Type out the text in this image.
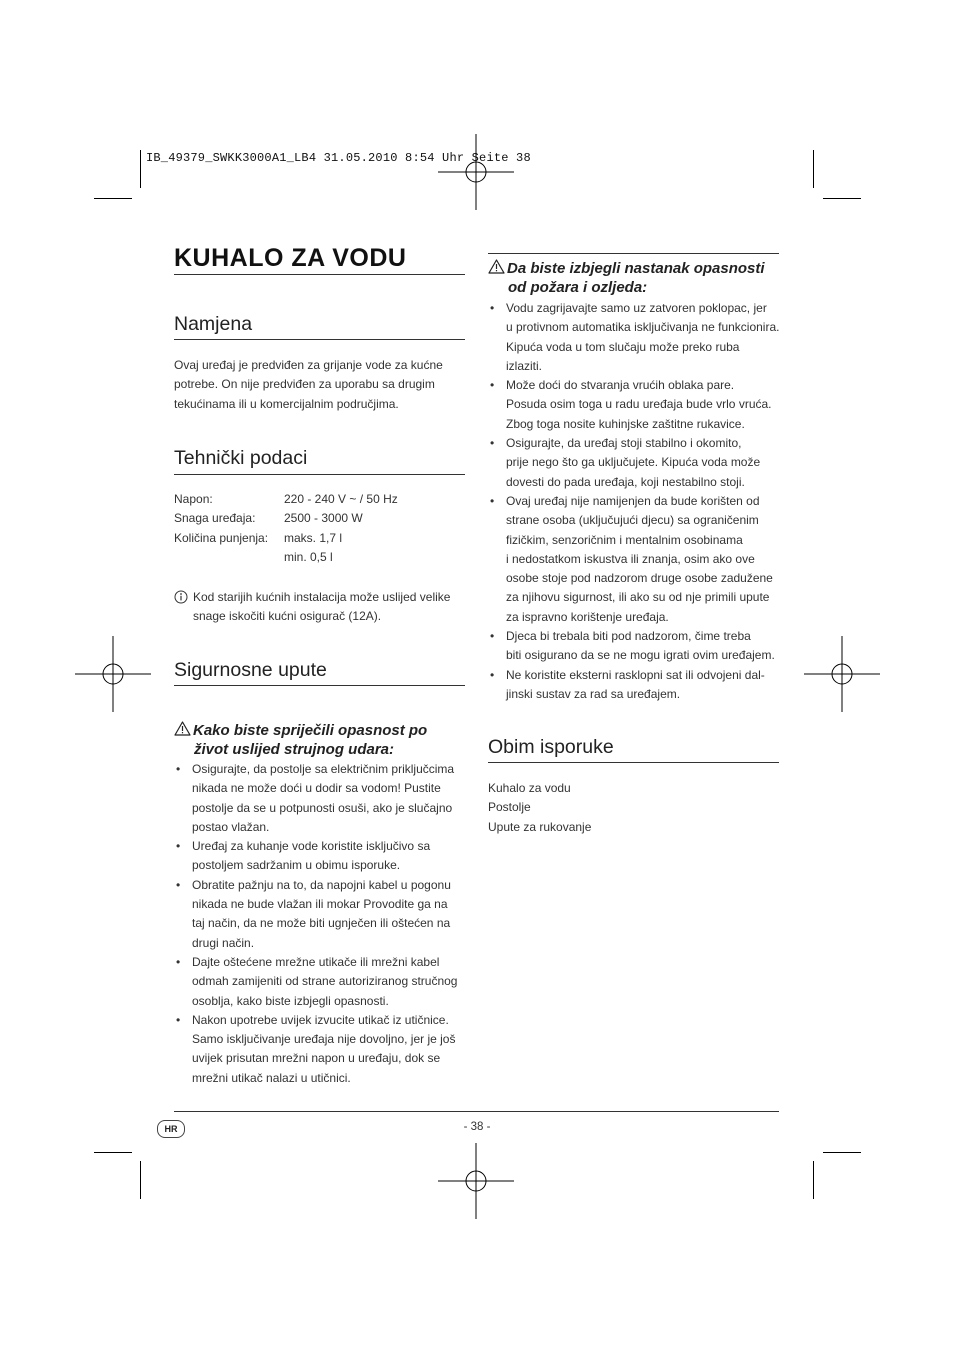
IB_49379_SWKK3000A1_LB4 31.05.2010 8:54 Uhr Seite 38
KUHALO ZA VODU
Namjena

Ovaj uređaj je predviđen za grijanje vode za kućne

potrebe. On nije predviđen za uporabu sa drugim

tekućinama ili u komercijalnim područjima.

Tehnički podaci
Napon:	220 - 240 V ~ / 50 Hz
Snaga uređaja:	2500 - 3000 W
Količina punjenja:	maks. 1,7 l
min. 0,5 l

Kod starijih kućnih instalacija može uslijed velike

snage iskočiti kućni osigurač (12A).

Sigurnosne upute
Kako biste spriječili opasnost po
život uslijed strujnog udara:
• Osigurajte, da postolje sa električnim priključcima
nikada ne može doći u dodir sa vodom! Pustite
postolje da se u potpunosti osuši, ako je slučajno
postao vlažan.
• Uređaj za kuhanje vode koristite isključivo sa
postoljem sadržanim u obimu isporuke.
• Obratite pažnju na to, da napojni kabel u pogonu
nikada ne bude vlažan ili mokar Provodite ga na
taj način, da ne može biti ugnječen ili oštećen na
drugi način.
• Dajte oštećene mrežne utikače ili mrežni kabel
odmah zamijeniti od strane autoriziranog stručnog
osoblja, kako biste izbjegli opasnosti.
• Nakon upotrebe uvijek izvucite utikač iz utičnice.
Samo isključivanje uređaja nije dovoljno, jer je još
uvijek prisutan mrežni napon u uređaju, dok se
mrežni utikač nalazi u utičnici.
Da biste izbjegli nastanak opasnosti
od požara i ozljeda:
• Vodu zagrijavajte samo uz zatvoren poklopac, jer
u protivnom automatika isključivanja ne funkcionira.
Kipuća voda u tom slučaju može preko ruba
izlaziti.
• Može doći do stvaranja vrućih oblaka pare.
Posuda osim toga u radu uređaja bude vrlo vruća.
Zbog toga nosite kuhinjske zaštitne rukavice.
• Osigurajte, da uređaj stoji stabilno i okomito,
prije nego što ga uključujete. Kipuća voda može
dovesti do pada uređaja, koji nestabilno stoji.
• Ovaj uređaj nije namijenjen da bude korišten od
strane osoba (uključujući djecu) sa ograničenim
fizičkim, senzoričnim i mentalnim osobinama
i nedostatkom iskustva ili znanja, osim ako ove
osobe stoje pod nadzorom druge osobe zadužene
za njihovu sigurnost, ili ako su od nje primili upute
za ispravno korištenje uređaja.
• Djeca bi trebala biti pod nadzorom, čime treba
biti osigurano da se ne mogu igrati ovim uređajem.
• Ne koristite eksterni rasklopni sat ili odvojeni dal-
jinski sustav za rad sa uređajem.
Obim isporuke

Kuhalo za vodu

Postolje

Upute za rukovanje

HR	- 38 -
